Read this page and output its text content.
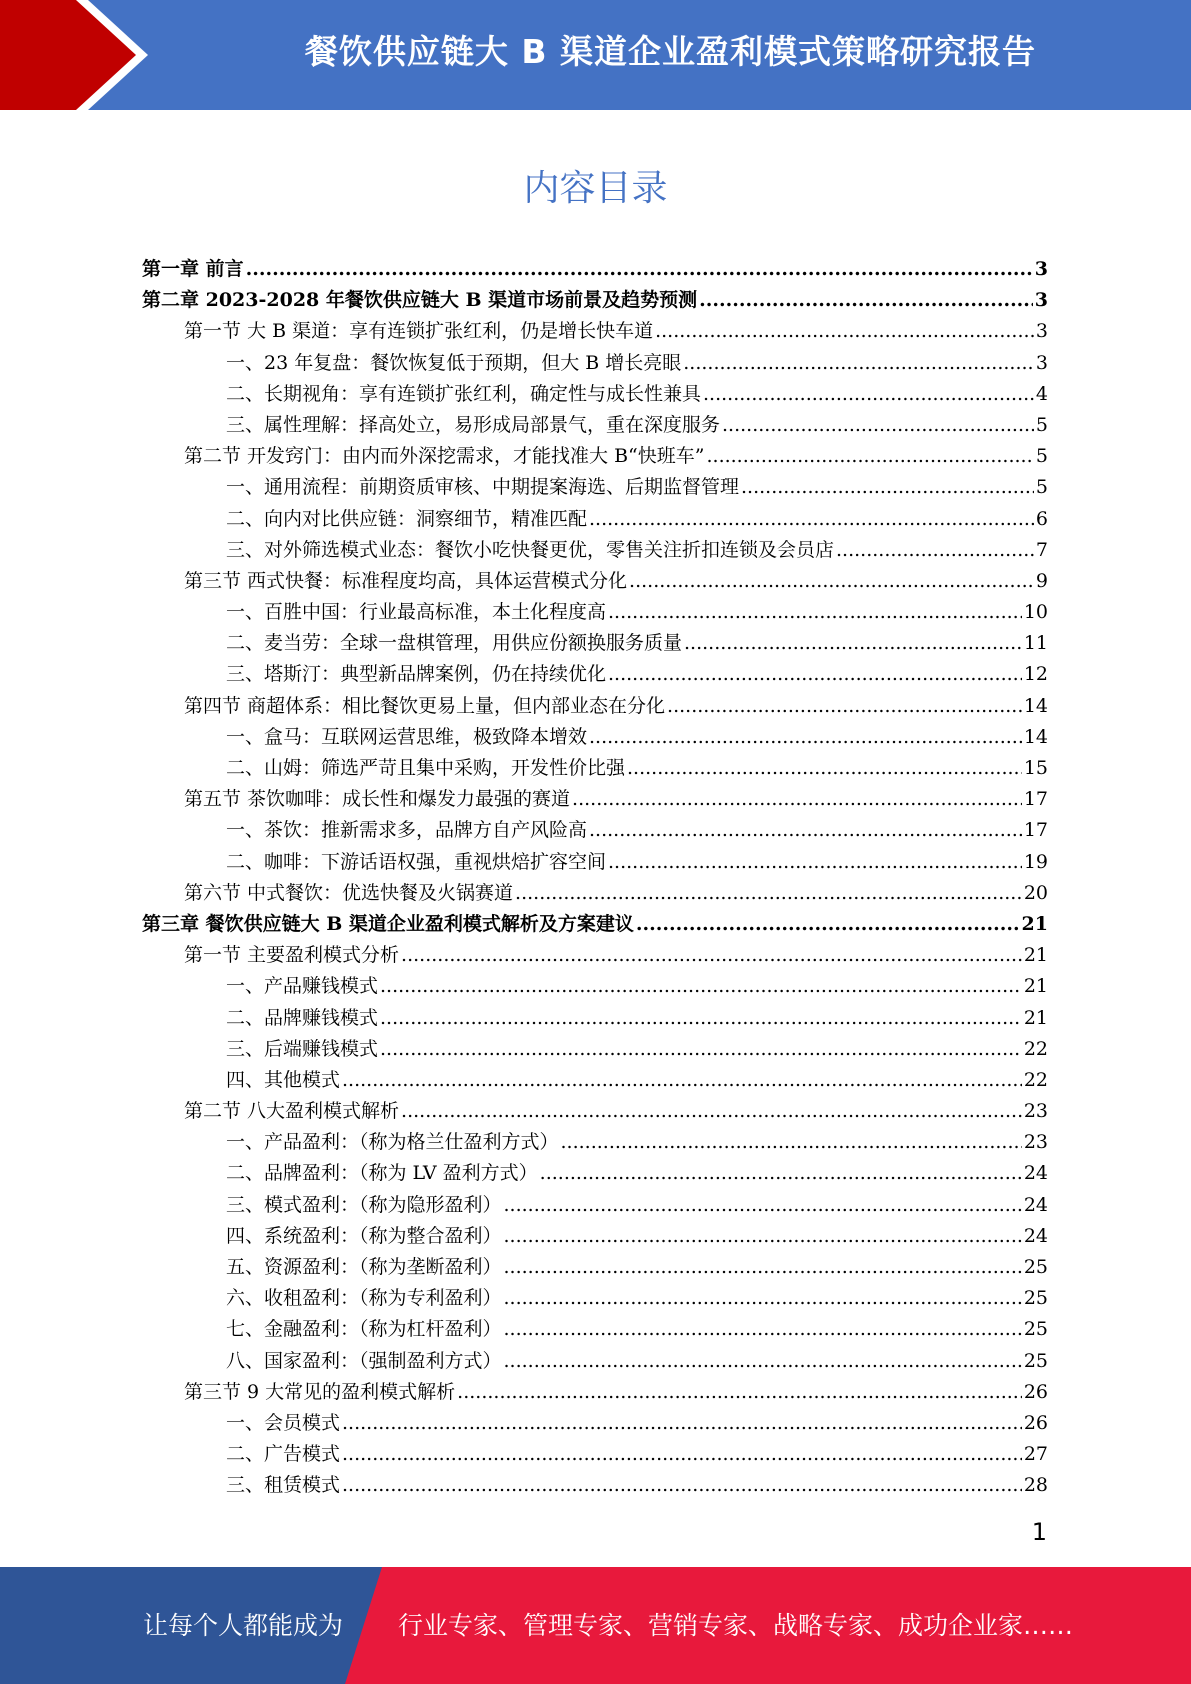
餐饮供应链大 B 渠道企业盈利模式策略研究报告
内容目录
第一章 前言 .....	3
第二章 2023-2028 年餐饮供应链大 B 渠道市场前景及趋势预测 .....	3
第一节 大 B 渠道：享有连锁扩张红利，仍是增长快车道 .....	3
一、23 年复盘：餐饮恢复低于预期，但大 B 增长亮眼 .....	3
二、长期视角：享有连锁扩张红利，确定性与成长性兼具 .....	4
三、属性理解：择高处立，易形成局部景气，重在深度服务 .....	5
第二节 开发窍门：由内而外深挖需求，才能找准大 B“快班车” .....	5
一、通用流程：前期资质审核、中期提案海选、后期监督管理 .....	5
二、向内对比供应链：洞察细节，精准匹配 .....	6
三、对外筛选模式业态：餐饮小吃快餐更优，零售关注折扣连锁及会员店 .....	7
第三节 西式快餐：标准程度均高，具体运营模式分化 .....	9
一、百胜中国：行业最高标准，本土化程度高 .....	10
二、麦当劳：全球一盘棋管理，用供应份额换服务质量 .....	11
三、塔斯汀：典型新品牌案例，仍在持续优化 .....	12
第四节 商超体系：相比餐饮更易上量，但内部业态在分化 .....	14
一、盒马：互联网运营思维，极致降本增效 .....	14
二、山姆：筛选严苛且集中采购，开发性价比强 .....	15
第五节 茶饮咖啡：成长性和爆发力最强的赛道 .....	17
一、茶饮：推新需求多，品牌方自产风险高 .....	17
二、咖啡：下游话语权强，重视烘焙扩容空间 .....	19
第六节 中式餐饮：优选快餐及火锅赛道 .....	20
第三章 餐饮供应链大 B 渠道企业盈利模式解析及方案建议 .....	21
第一节 主要盈利模式分析 .....	21
一、产品赚钱模式 .....	21
二、品牌赚钱模式 .....	21
三、后端赚钱模式 .....	22
四、其他模式 .....	22
第二节 八大盈利模式解析 .....	23
一、产品盈利：（称为格兰仕盈利方式） .....	23
二、品牌盈利：（称为 LV 盈利方式） .....	24
三、模式盈利：（称为隐形盈利） .....	24
四、系统盈利：（称为整合盈利） .....	24
五、资源盈利：（称为垄断盈利） .....	25
六、收租盈利：（称为专利盈利） .....	25
七、金融盈利：（称为杠杆盈利） .....	25
八、国家盈利：（强制盈利方式） .....	25
第三节 9 大常见的盈利模式解析 .....	26
一、会员模式 .....	26
二、广告模式 .....	27
三、租赁模式 .....	28
1
让每个人都能成为 行业专家、管理专家、营销专家、战略专家、成功企业家……
